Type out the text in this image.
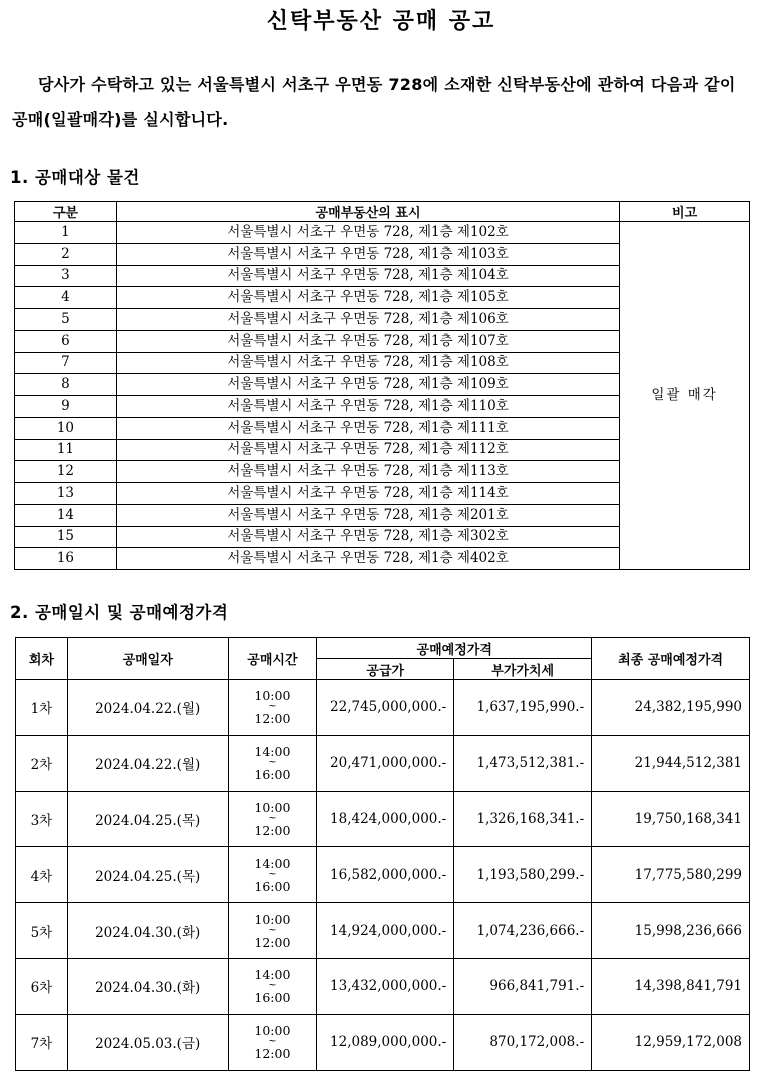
신탁부동산 공매 공고

당사가 수탁하고 있는 서울특별시 서초구 우면동 728에 소재한 신탁부동산에 관하여 다음과 같이 공매(일괄매각)를 실시합니다.

1. 공매대상 물건
구분	공매부동산의 표시	비고
1	서울특별시 서초구 우면동 728, 제1층 제102호	일괄 매각
2	서울특별시 서초구 우면동 728, 제1층 제103호	
3	서울특별시 서초구 우면동 728, 제1층 제104호	
4	서울특별시 서초구 우면동 728, 제1층 제105호	
5	서울특별시 서초구 우면동 728, 제1층 제106호	
6	서울특별시 서초구 우면동 728, 제1층 제107호	
7	서울특별시 서초구 우면동 728, 제1층 제108호	
8	서울특별시 서초구 우면동 728, 제1층 제109호	
9	서울특별시 서초구 우면동 728, 제1층 제110호	
10	서울특별시 서초구 우면동 728, 제1층 제111호	
11	서울특별시 서초구 우면동 728, 제1층 제112호	
12	서울특별시 서초구 우면동 728, 제1층 제113호	
13	서울특별시 서초구 우면동 728, 제1층 제114호	
14	서울특별시 서초구 우면동 728, 제1층 제201호	
15	서울특별시 서초구 우면동 728, 제1층 제302호	
16	서울특별시 서초구 우면동 728, 제1층 제402호	
2. 공매일시 및 공매예정가격
회차	공매일자	공매시간	공매예정가격		최종 공매예정가격
			공급가	부가가치세	
1차	2024.04.22.(월)	10:00
~
12:00	22,745,000,000.-	1,637,195,990.-	24,382,195,990
2차	2024.04.22.(월)	14:00
~
16:00	20,471,000,000.-	1,473,512,381.-	21,944,512,381
3차	2024.04.25.(목)	10:00
~
12:00	18,424,000,000.-	1,326,168,341.-	19,750,168,341
4차	2024.04.25.(목)	14:00
~
16:00	16,582,000,000.-	1,193,580,299.-	17,775,580,299
5차	2024.04.30.(화)	10:00
~
12:00	14,924,000,000.-	1,074,236,666.-	15,998,236,666
6차	2024.04.30.(화)	14:00
~
16:00	13,432,000,000.-	966,841,791.-	14,398,841,791
7차	2024.05.03.(금)	10:00
~
12:00	12,089,000,000.-	870,172,008.-	12,959,172,008
